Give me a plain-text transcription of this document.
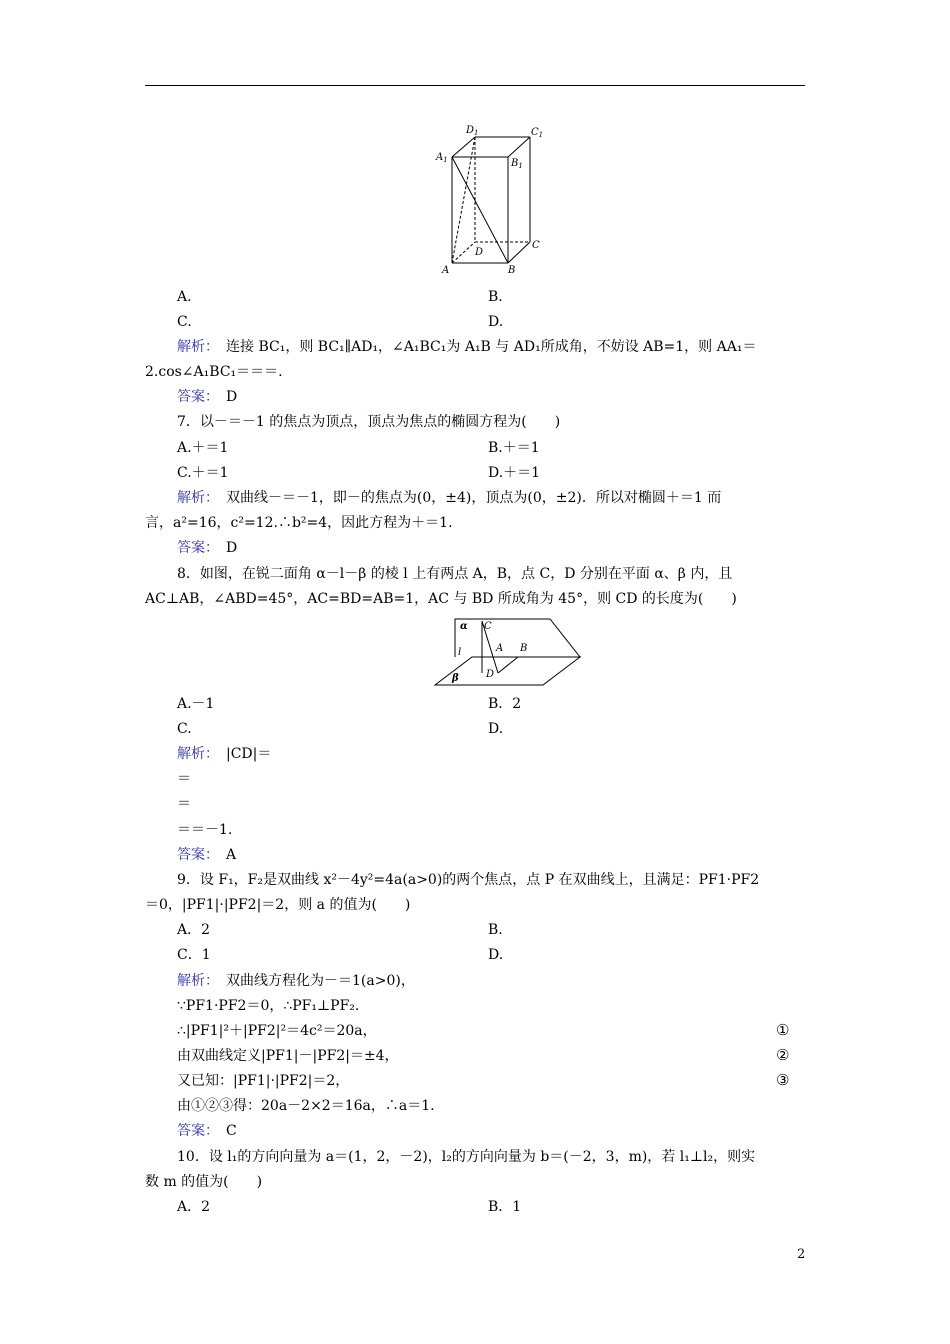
$D_1$	$C_1$
$A_1$	$B_1$
D
C
A	B
A.	B.
C.	D.
解析：　 连接 BC₁，则 BC₁∥AD₁，∠A₁BC₁为 A₁B 与 AD₁所成角，不妨设 AB=1，则 AA₁＝
2.cos∠A₁BC₁＝＝＝.
答案：　 D
7．以－＝－1 的焦点为顶点，顶点为焦点的椭圆方程为(　　)
A.＋＝1	B.＋＝1
C.＋＝1	D.＋＝1
解析：　 双曲线－＝－1，即－的焦点为(0，±4)，顶点为(0，±2)．所以对椭圆＋＝1 而
言，a²=16，c²=12.∴b²=4，因此方程为＋＝1.
答案：　 D
8．如图，在锐二面角 α－l－β 的棱 l 上有两点 A，B，点 C，D 分别在平面 α、β 内，且
AC⊥AB，∠ABD=45°，AC=BD=AB=1，AC 与 BD 所成角为 45°，则 CD 的长度为(　　)
α C
A B
l
D
β
A.－1	B．2
C.	D.
解析：　 |CD|＝
＝
＝
＝＝－1.
答案：　 A
9．设 F₁，F₂是双曲线 x²－4y²=4a(a>0)的两个焦点，点 P 在双曲线上，且满足：PF1·PF2
＝0，|PF1|·|PF2|＝2，则 a 的值为(　　)
A．2	B.
C．1	D.
解析：　 双曲线方程化为－＝1(a>0)，
∵PF1·PF2＝0，∴PF₁⊥PF₂.
∴|PF1|²＋|PF2|²＝4c²＝20a，	①
由双曲线定义|PF1|－|PF2|＝±4，	②
又已知：|PF1|·|PF2|＝2，	③
由①②③得：20a－2×2＝16a，∴a＝1.
答案：　 C
10．设 l₁的方向向量为 a＝(1，2，－2)，l₂的方向向量为 b＝(－2，3，m)，若 l₁⊥l₂，则实
数 m 的值为(　　)
A．2	B．1
2
